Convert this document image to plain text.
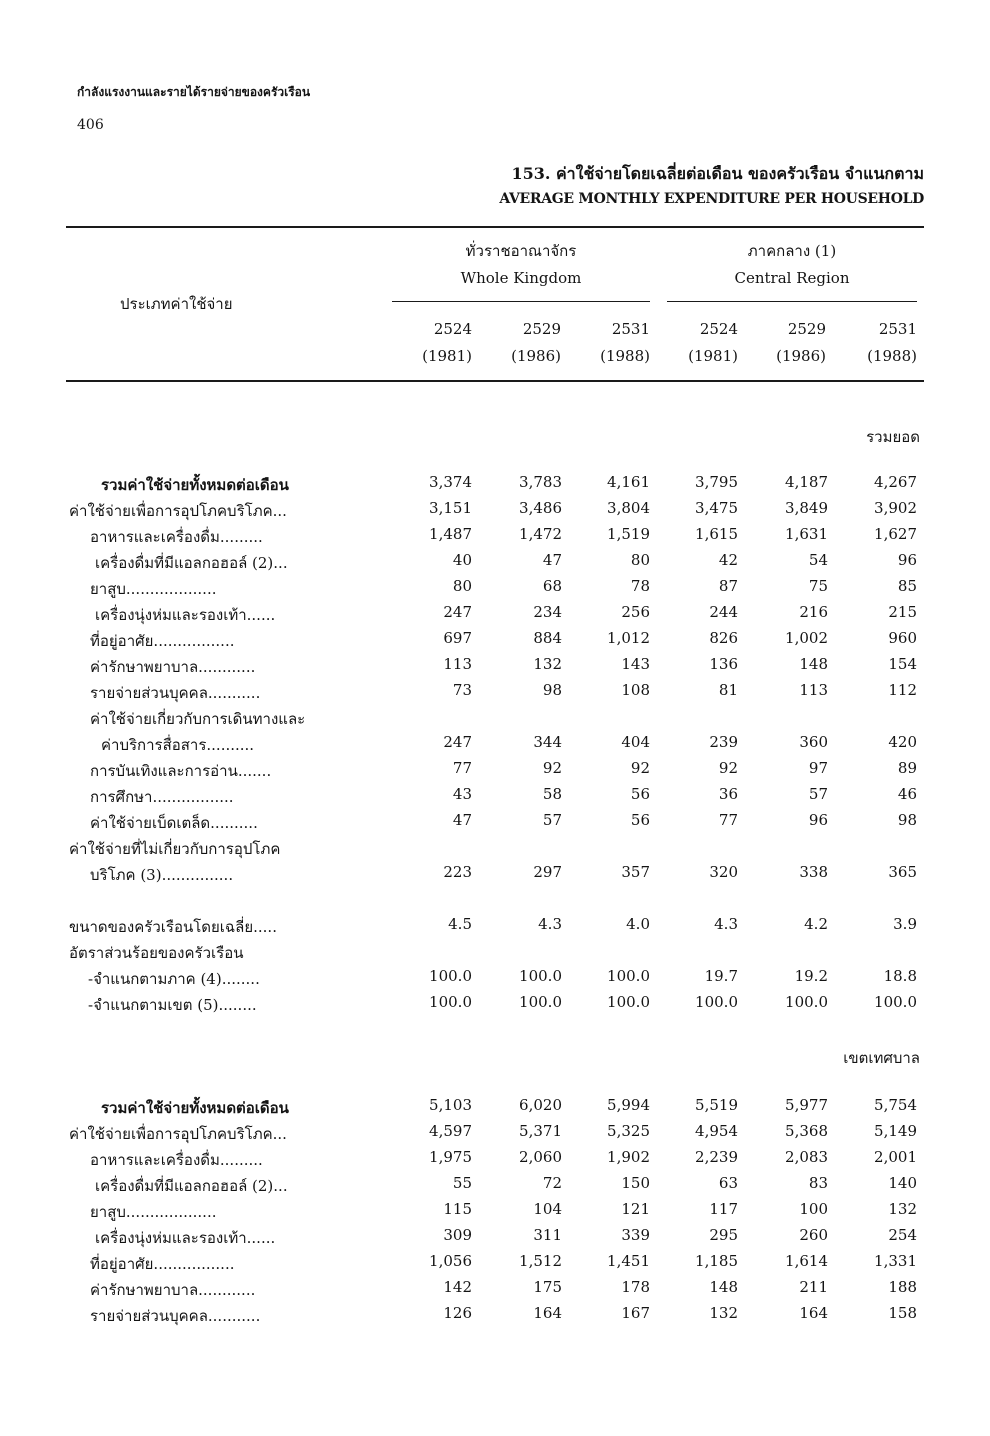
กำลังแรงงานและรายได้รายจ่ายของครัวเรือน
406
153. ค่าใช้จ่ายโดยเฉลี่ยต่อเดือน ของครัวเรือน จำแนกตาม
AVERAGE MONTHLY EXPENDITURE PER HOUSEHOLD
ทั่วราชอาณาจักร
Whole Kingdom
ภาคกลาง (1)
Central Region
ประเภทค่าใช้จ่าย
2524
(1981)
2529
(1986)
2531
(1988)
2524
(1981)
2529
(1986)
2531
(1988)
รวมยอด
เขตเทศบาล
รวมค่าใช้จ่ายทั้งหมดต่อเดือน	3,374	3,783	4,161	3,795	4,187	4,267
ค่าใช้จ่ายเพื่อการอุปโภคบริโภค...	3,151	3,486	3,804	3,475	3,849	3,902
อาหารและเครื่องดื่ม.........	1,487	1,472	1,519	1,615	1,631	1,627
เครื่องดื่มที่มีแอลกอฮอล์ (2)...	40	47	80	42	54	96
ยาสูบ...................	80	68	78	87	75	85
เครื่องนุ่งห่มและรองเท้า......	247	234	256	244	216	215
ที่อยู่อาศัย.................	697	884	1,012	826	1,002	960
ค่ารักษาพยาบาล............	113	132	143	136	148	154
รายจ่ายส่วนบุคคล...........	73	98	108	81	113	112
ค่าใช้จ่ายเกี่ยวกับการเดินทางและ
ค่าบริการสื่อสาร..........	247	344	404	239	360	420
การบันเทิงและการอ่าน.......	77	92	92	92	97	89
การศึกษา.................	43	58	56	36	57	46
ค่าใช้จ่ายเบ็ดเตล็ด..........	47	57	56	77	96	98
ค่าใช้จ่ายที่ไม่เกี่ยวกับการอุปโภค
บริโภค (3)...............	223	297	357	320	338	365
ขนาดของครัวเรือนโดยเฉลี่ย.....	4.5	4.3	4.0	4.3	4.2	3.9
อัตราส่วนร้อยของครัวเรือน
-จำแนกตามภาค (4)........	100.0	100.0	100.0	19.7	19.2	18.8
-จำแนกตามเขต (5)........	100.0	100.0	100.0	100.0	100.0	100.0
รวมค่าใช้จ่ายทั้งหมดต่อเดือน	5,103	6,020	5,994	5,519	5,977	5,754
ค่าใช้จ่ายเพื่อการอุปโภคบริโภค...	4,597	5,371	5,325	4,954	5,368	5,149
อาหารและเครื่องดื่ม.........	1,975	2,060	1,902	2,239	2,083	2,001
เครื่องดื่มที่มีแอลกอฮอล์ (2)...	55	72	150	63	83	140
ยาสูบ...................	115	104	121	117	100	132
เครื่องนุ่งห่มและรองเท้า......	309	311	339	295	260	254
ที่อยู่อาศัย.................	1,056	1,512	1,451	1,185	1,614	1,331
ค่ารักษาพยาบาล............	142	175	178	148	211	188
รายจ่ายส่วนบุคคล...........	126	164	167	132	164	158
